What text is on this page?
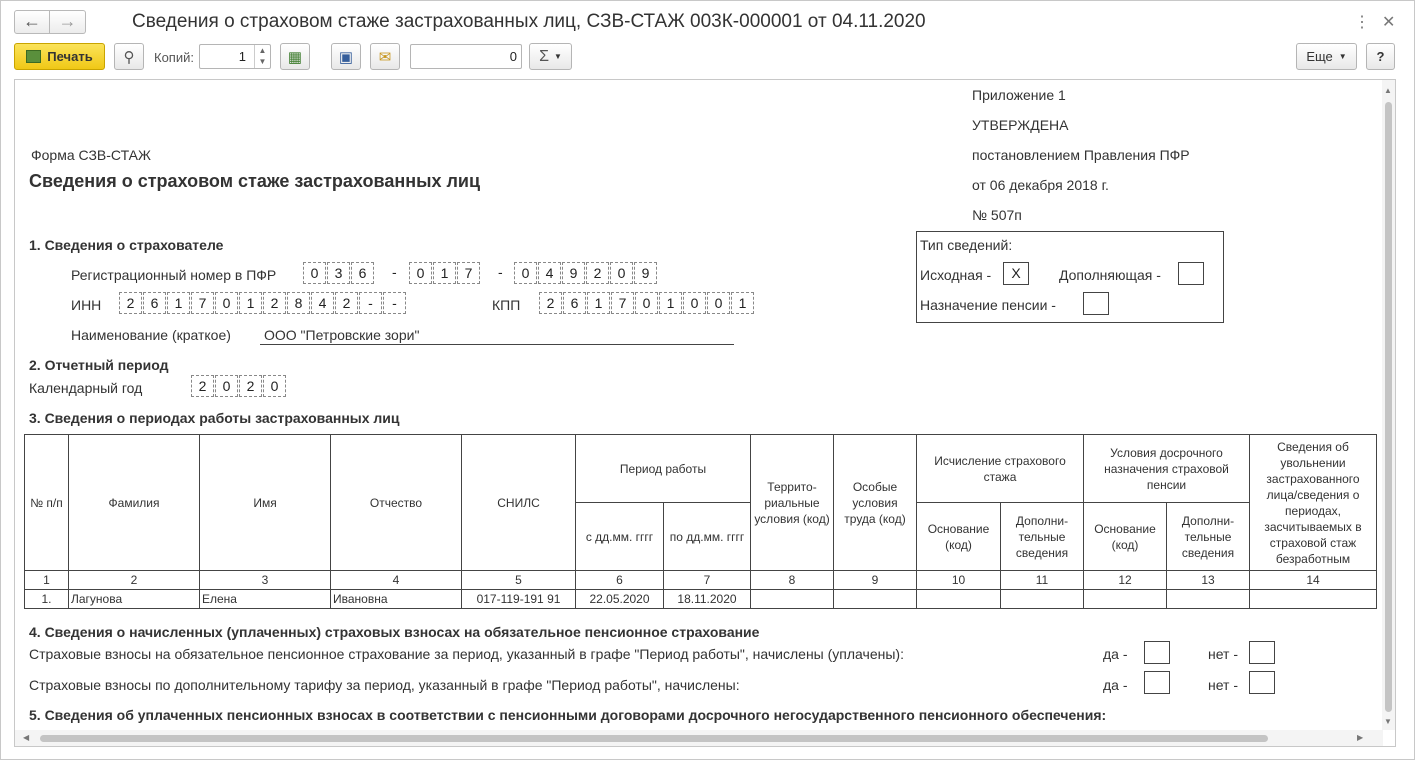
← →	Сведения о страховом стаже застрахованных лиц, СЗВ-СТАЖ 003К-000001 от 04.11.2020	⋮ ✕
Печать ⚲ Копий:	1	▲
▼ ▦ ▣ ✉	0 Σ ▼	Еще ▼ ?
Приложение 1
УТВЕРЖДЕНА
постановлением Правления ПФР
от 06 декабря 2018 г.
№ 507п
Форма СЗВ-СТАЖ
Сведения о страховом стаже застрахованных лиц
1. Сведения о страхователе
Регистрационный номер в ПФР	0	3	6	-	0	1	7	-	0	4	9	2	0	9
ИНН	2	6	1	7	0	1	2	8	4	2	-	-	КПП	2	6	1	7	0	1	0	0	1
Наименование (краткое) ООО "Петровские зори"
Тип сведений:
Исходная -	X	Дополняющая -
Назначение пенсии -
2. Отчетный период
Календарный год	2	0	2	0
3. Сведения о периодах работы застрахованных лиц
№ п/п	Фамилия	Имя	Отчество	СНИЛС	Период работы		Террито-риальные условия (код)	Особые условия труда (код)	Исчисление страхового стажа		Условия досрочного назначения страховой пенсии		Сведения об увольнении застрахованного лица/сведения о периодах, засчитываемых в страховой стаж безработным
					с дд.мм. гггг	по дд.мм. гггг			Основание (код)	Дополни-тельные сведения	Основание (код)	Дополни-тельные сведения	
1	2	3	4	5	6	7	8	9	10	11	12	13	14
1.	Лагунова	Елена	Ивановна	017-119-191 91	22.05.2020	18.11.2020							
4. Сведения о начисленных (уплаченных) страховых взносах на обязательное пенсионное страхование
Страховые взносы на обязательное пенсионное страхование за период, указанный в графе "Период работы", начислены (уплачены):	да -	нет -
Страховые взносы по дополнительному тарифу за период, указанный в графе "Период работы", начислены:	да -	нет -
5. Сведения об уплаченных пенсионных взносах в соответствии с пенсионными договорами досрочного негосударственного пенсионного обеспечения:
▲
▼
◀	▶
